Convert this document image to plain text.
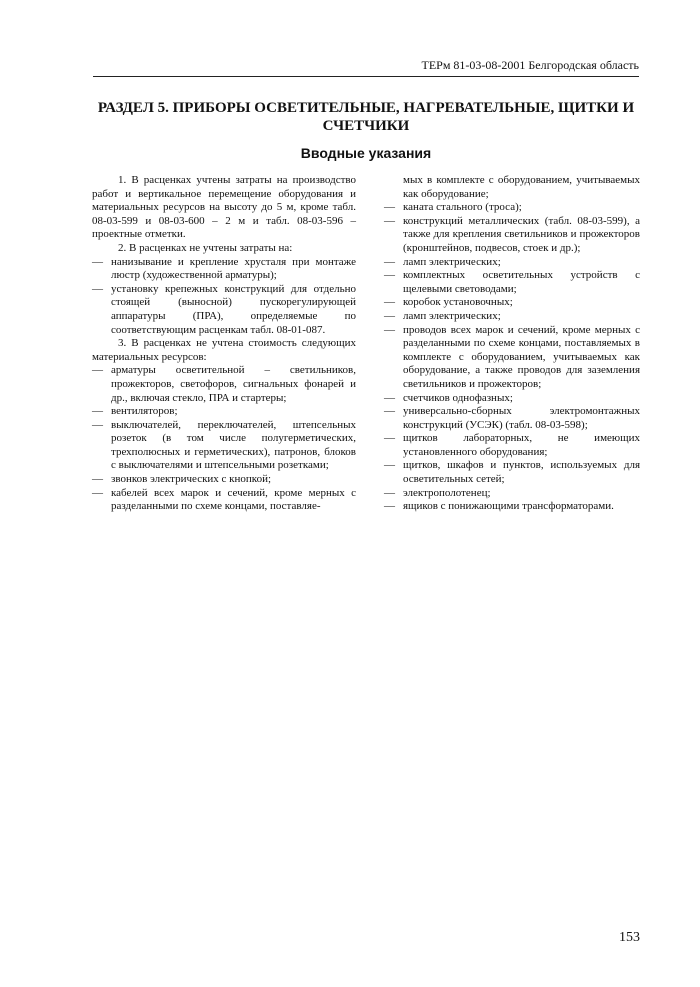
ТЕРм 81-03-08-2001 Белгородская область
РАЗДЕЛ 5. ПРИБОРЫ ОСВЕТИТЕЛЬНЫЕ, НАГРЕВАТЕЛЬНЫЕ, ЩИТКИ И
СЧЕТЧИКИ
Вводные указания

1. В расценках учтены затраты на производство работ и вертикальное перемещение оборудования и материальных ресурсов на высоту до 5 м, кроме табл. 08-03-599 и 08-03-600 – 2 м и табл. 08-03-596 – проектные отметки.

2. В расценках не учтены затраты на:

— нанизывание и крепление хрусталя при монтаже люстр (художественной арматуры);

— установку крепежных конструкций для отдельно стоящей (выносной) пускорегулирующей аппаратуры (ПРА), определяемые по соответствующим расценкам табл. 08-01-087.

3. В расценках не учтена стоимость следующих материальных ресурсов:

— арматуры осветительной – светильников, прожекторов, светофоров, сигнальных фонарей и др., включая стекло, ПРА и стартеры;

— вентиляторов;

— выключателей, переключателей, штепсельных розеток (в том числе полугерметических, трехполюсных и герметических), патронов, блоков с выключателями и штепсельными розетками;

— звонков электрических с кнопкой;

— кабелей всех марок и сечений, кроме мерных с разделанными по схеме концами, поставляе-

мых в комплекте с оборудованием, учитываемых как оборудование;

— каната стального (троса);

— конструкций металлических (табл. 08-03-599), а также для крепления светильников и прожекторов (кронштейнов, подвесов, стоек и др.);

— ламп электрических;

— комплектных осветительных устройств с щелевыми световодами;

— коробок установочных;

— ламп электрических;

— проводов всех марок и сечений, кроме мерных с разделанными по схеме концами, поставляемых в комплекте с оборудованием, учитываемых как оборудование, а также проводов для заземления светильников и прожекторов;

— счетчиков однофазных;

— универсально-сборных электромонтажных конструкций (УСЭК) (табл. 08-03-598);

— щитков лабораторных, не имеющих установленного оборудования;

— щитков, шкафов и пунктов, используемых для осветительных сетей;

— электрополотенец;

— ящиков с понижающими трансформаторами.

153
